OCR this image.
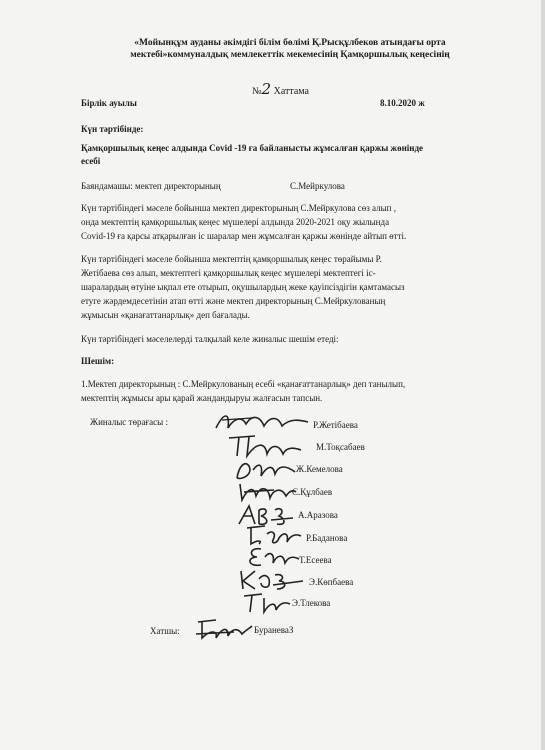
«Мойынқұм ауданы әкімдігі білім бөлімі Қ.Рысқұлбеков атындағы орта
мектебі»коммуналдық мемлекеттік мекемесінің Қамқоршылық кеңесінің
№2 Хаттама
Бірлік ауылы	8.10.2020 ж
Күн тәртібінде:
Қамқоршылық кеңес алдында Covid -19 ға байланысты жұмсалған қаржы жөнінде
есебі
Баяндамашы: мектеп директорының	С.Мейркулова
Күн тәртібіндегі мәселе бойынша мектеп директорының С.Мейркулова сөз алып ,
онда мектептің қамқоршылық кеңес мүшелері алдында 2020-2021 оқу жылында
Covid-19 ға қарсы атқарылған іс шаралар мен жұмсалған қаржы жөнінде айтып өтті.
Күн тәртібіндегі мәселе бойынша мектептің қамқоршылық кеңес төрайымы Р.
Жетібаева сөз алып, мектептегі қамқоршылық кеңес мүшелері мектептегі іс-
шаралардың өтуіне ықпал ете отырып, оқушылардың жеке қауіпсіздігін қамтамасыз
етуге жәрдемдесетінін атап өтті және мектеп директорының С.Мейркулованың
жұмысын «қанағаттанарлық» деп бағалады.
Күн тәртібіндегі мәселелерді талқылай келе жиналыс шешім етеді:
Шешім:
1.Мектеп директорының : С.Мейркулованың есебі «қанағаттанарлық» деп танылып,
мектептің жұмысы ары қарай жандандыруы жалғасын тапсын.
Жиналыс төрағасы :	Р.Жетібаева
М.Тоқсабаев
Ж.Кемелова
С.Құлбаев
А.Аразова
Р.Баданова
Т.Есеева
Э.Көпбаева
Э.Тлекова
Хатшы:	БураневаЗ
